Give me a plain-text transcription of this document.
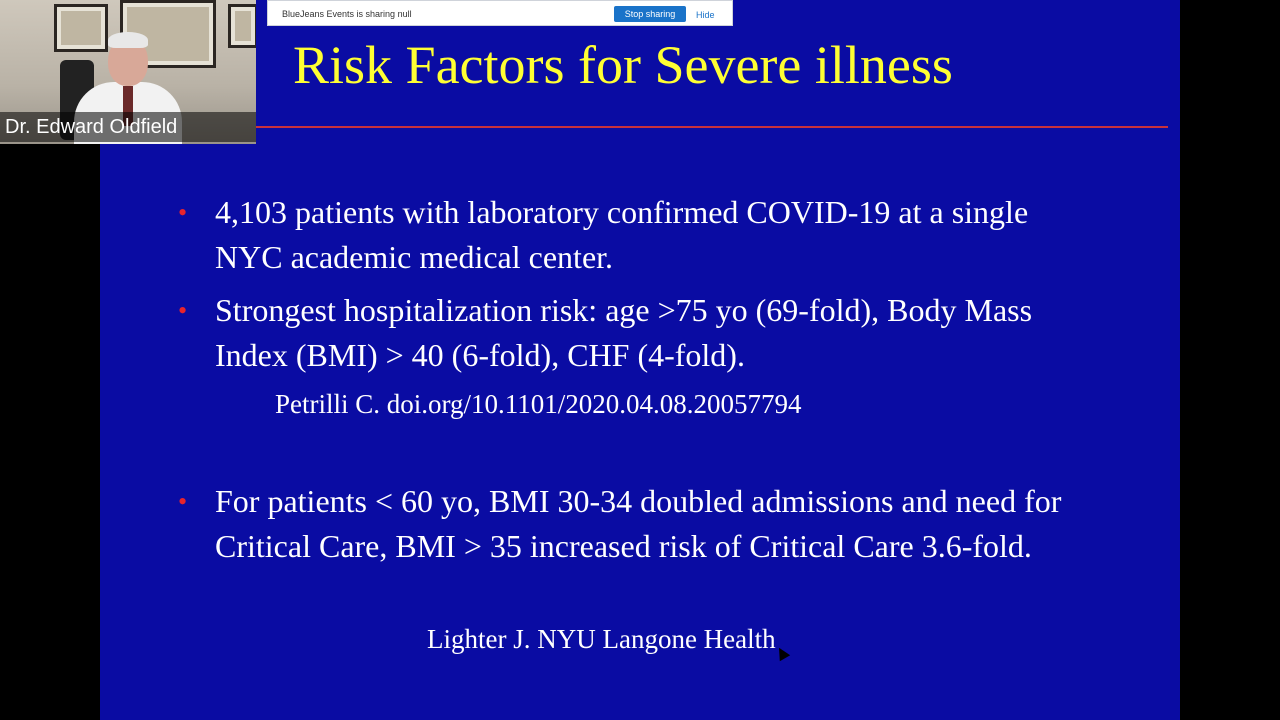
Risk Factors for Severe illness
• 4,103 patients with laboratory confirmed COVID-19 at a single NYC academic medical center.
• Strongest hospitalization risk: age >75 yo (69-fold), Body Mass Index (BMI) > 40 (6-fold), CHF (4-fold).
Petrilli C. doi.org/10.1101/2020.04.08.20057794
• For patients < 60 yo, BMI 30-34 doubled admissions and need for Critical Care, BMI > 35 increased risk of Critical Care 3.6-fold.
Lighter J. NYU Langone Health
BlueJeans Events is sharing null	Stop sharing	Hide
Dr. Edward Oldfield
